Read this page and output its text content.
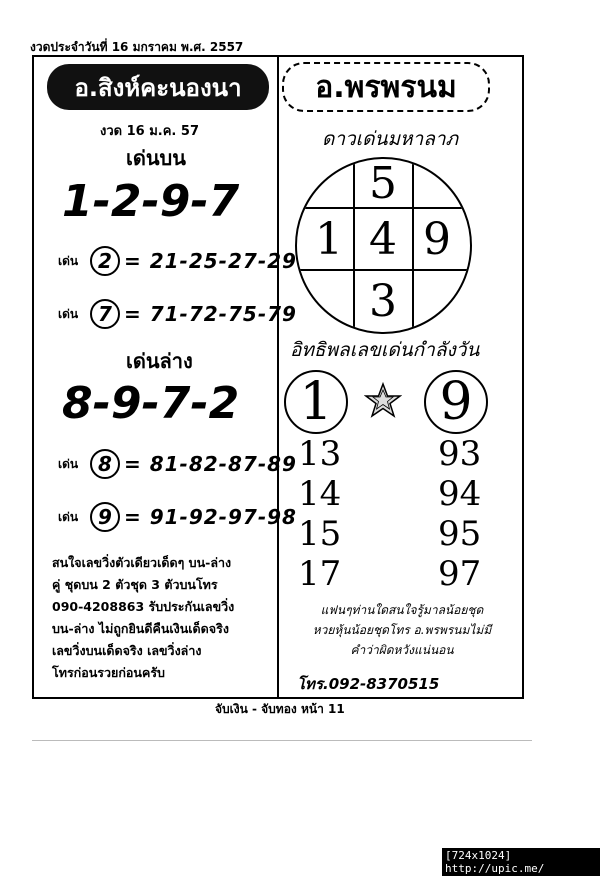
งวดประจำวันที่ 16 มกราคม พ.ศ. 2557
อ.สิงห์คะนองนา
งวด 16 ม.ค. 57
เด่นบน
1-2-9-7
เด่น 2 = 21-25-27-29
เด่น 7 = 71-72-75-79
เด่นล่าง
8-9-7-2
เด่น 8 = 81-82-87-89
เด่น 9 = 91-92-97-98
สนใจเลขวิ่งตัวเดียวเด็ดๆ บน-ล่าง
คู่ ชุดบน 2 ตัวชุด 3 ตัวบนโทร
090-4208863 รับประกันเลขวิ่ง
บน-ล่าง ไม่ถูกยินดีคืนเงินเด็ดจริง
เลขวิ่งบนเด็ดจริง เลขวิ่งล่าง
โทรก่อนรวยก่อนครับ
อ.พรพรนม
ดาวเด่นมหาลาภ
5
1 4 9
3
อิทธิพลเลขเด่นกำลังวัน
1 9
13
14
15
17
93
94
95
97
แฟนๆท่านใดสนใจรู้มาลน้อยชุด
หวยหุ้นน้อยชุดโทร อ.พรพรนมไม่มี
คำว่าผิดหวังแน่นอน
โทร.092-8370515
จับเงิน - จับทอง หน้า 11
[724x1024] http://upic.me/
